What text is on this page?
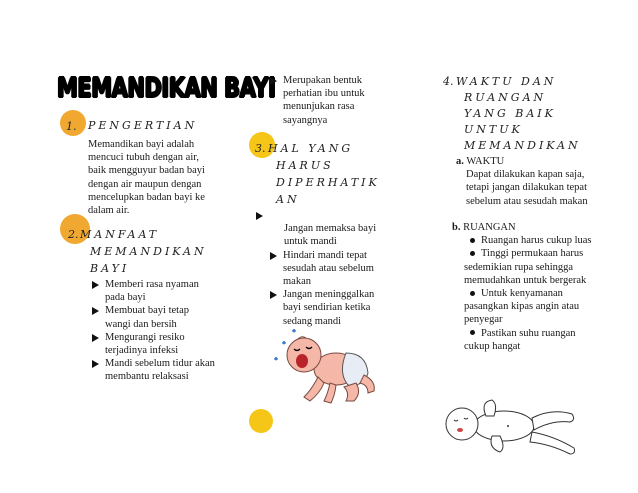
MEMANDIKAN BAYI
1. PENGERTIAN
Memandikan bayi adalah mencuci tubuh dengan air, baik mengguyur badan bayi dengan air maupun dengan mencelupkan badan bayi ke dalam air.
2. MANFAAT
MEMANDIKAN
BAYI
Memberi rasa nyaman pada bayi
Membuat bayi tetap wangi dan bersih
Mengurangi resiko terjadinya infeksi
Mandi sebelum tidur akan membantu relaksasi
Merupakan bentuk perhatian ibu untuk menunjukan rasa sayangnya
3. HAL YANG
HARUS
DIPERHATIK
AN
Jangan memaksa bayi untuk mandi
Hindari mandi tepat sesudah atau sebelum makan
Jangan meninggalkan bayi sendirian ketika sedang mandi
4. WAKTU DAN
RUANGAN
YANG BAIK
UNTUK
MEMANDIKAN
a. WAKTU
Dapat dilakukan kapan saja, tetapi jangan dilakukan tepat sebelum atau sesudah makan
b. RUANGAN
Ruangan harus cukup luas
Tinggi permukaan harus sedemikian rupa sehingga memudahkan untuk bergerak
Untuk kenyamanan pasangkan kipas angin atau penyegar
Pastikan suhu ruangan cukup hangat
